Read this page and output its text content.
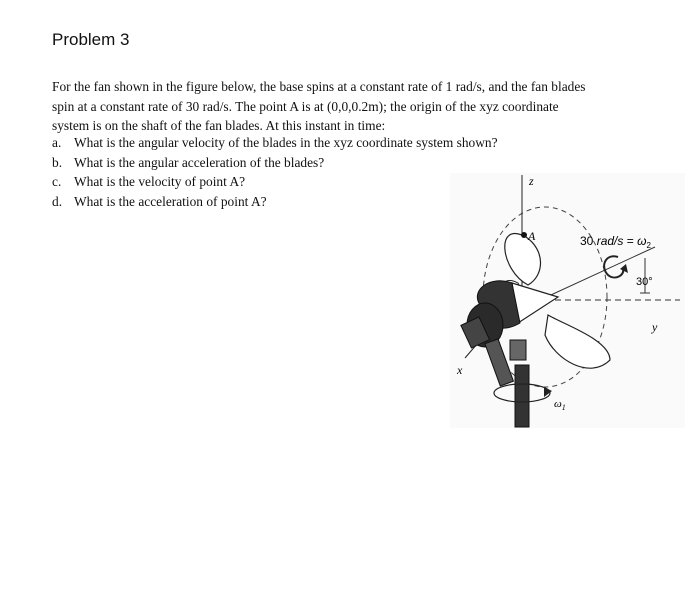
Problem 3

For the fan shown in the figure below, the base spins at a constant rate of 1 rad/s, and the fan blades
spin at a constant rate of 30 rad/s. The point A is at (0,0,0.2m); the origin of the xyz coordinate
system is on the shaft of the fan blades. At this instant in time:

a. What is the angular velocity of the blades in the xyz coordinate system shown?
b. What is the angular acceleration of the blades?
c. What is the velocity of point A?
d. What is the acceleration of point A?
z
y
x
$\omega_1$
A	30 $rad/s = \omega_2$
30°
